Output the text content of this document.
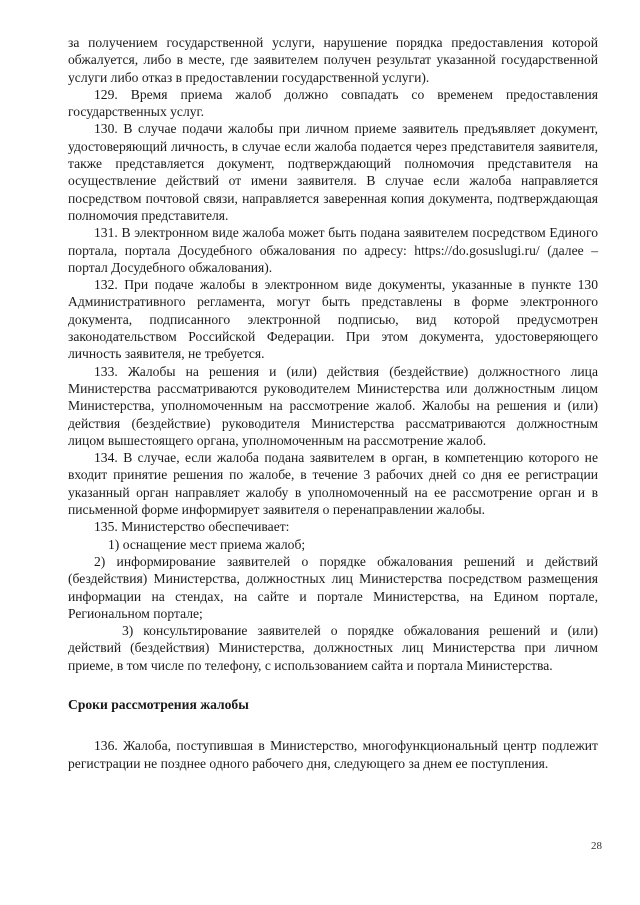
за получением государственной услуги, нарушение порядка предоставления которой обжалуется, либо в месте, где заявителем получен результат указанной государственной услуги либо отказ в предоставлении государственной услуги).

129. Время приема жалоб должно совпадать со временем предоставления государственных услуг.

130. В случае подачи жалобы при личном приеме заявитель предъявляет документ, удостоверяющий личность, в случае если жалоба подается через представителя заявителя, также представляется документ, подтверждающий полномочия представителя на осуществление действий от имени заявителя. В случае если жалоба направляется посредством почтовой связи, направляется заверенная копия документа, подтверждающая полномочия представителя.

131. В электронном виде жалоба может быть подана заявителем посредством Единого портала, портала Досудебного обжалования по адресу: https://do.gosuslugi.ru/ (далее – портал Досудебного обжалования).

132. При подаче жалобы в электронном виде документы, указанные в пункте 130 Административного регламента, могут быть представлены в форме электронного документа, подписанного электронной подписью, вид которой предусмотрен законодательством Российской Федерации. При этом документа, удостоверяющего личность заявителя, не требуется.

133. Жалобы на решения и (или) действия (бездействие) должностного лица Министерства рассматриваются руководителем Министерства или должностным лицом Министерства, уполномоченным на рассмотрение жалоб. Жалобы на решения и (или) действия (бездействие) руководителя Министерства рассматриваются должностным лицом вышестоящего органа, уполномоченным на рассмотрение жалоб.

134. В случае, если жалоба подана заявителем в орган, в компетенцию которого не входит принятие решения по жалобе, в течение 3 рабочих дней со дня ее регистрации указанный орган направляет жалобу в уполномоченный на ее рассмотрение орган и в письменной форме информирует заявителя о перенаправлении жалобы.

135. Министерство обеспечивает:

1) оснащение мест приема жалоб;

2) информирование заявителей о порядке обжалования решений и действий (бездействия) Министерства, должностных лиц Министерства посредством размещения информации на стендах, на сайте и портале Министерства, на Едином портале, Региональном портале;

3) консультирование заявителей о порядке обжалования решений и (или) действий (бездействия) Министерства, должностных лиц Министерства при личном приеме, в том числе по телефону, с использованием сайта и портала Министерства.

Сроки рассмотрения жалобы

136. Жалоба, поступившая в Министерство, многофункциональный центр подлежит регистрации не позднее одного рабочего дня, следующего за днем ее поступления.

28
